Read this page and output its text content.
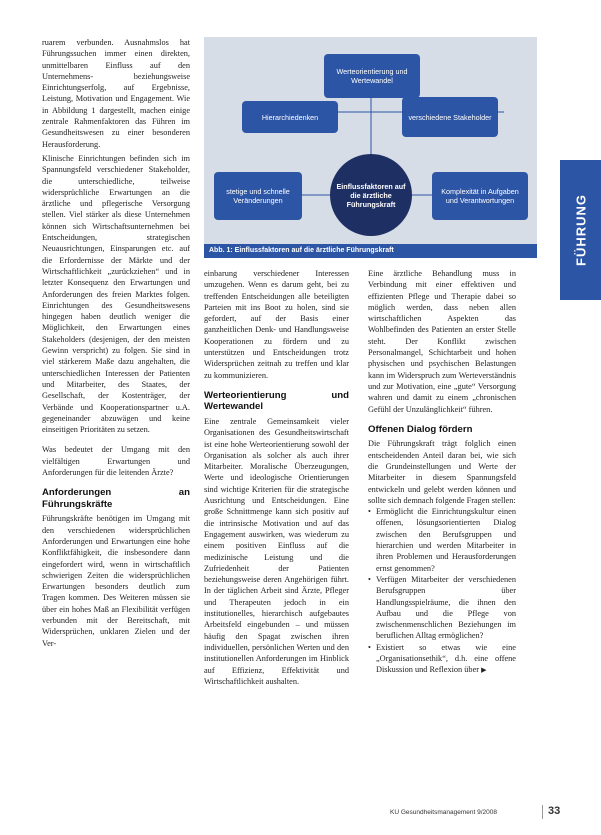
ruarem verbunden. Ausnahmslos hat Führungssuchen immer einen direkten, unmittelbaren Einfluss auf den Unternehmens- beziehungsweise Einrichtungserfolg, auf Ergebnisse, Leistung, Motivation und Engagement. Wie in Abbildung 1 dargestellt, machen einige zentrale Rahmenfaktoren das Führen im Gesundheitswesen zu einer besonderen Herausforderung.

Klinische Einrichtungen befinden sich im Spannungsfeld verschiedener Stakeholder, die unterschiedliche, teilweise widersprüchliche Erwartungen an die ärztliche und pflegerische Versorgung stellen. Viel stärker als diese Unternehmen können sich Wirtschaftsunternehmen bei Entscheidungen, strategischen Neuausrichtungen, Einsparungen etc. auf die Erfordernisse der Märkte und der Wirtschaftlichkeit „zurückziehen“ und in letzter Konsequenz den Erwartungen und Anforderungen des freien Marktes folgen. Einrichtungen des Gesundheitswesens hingegen haben deutlich weniger die Möglichkeit, den Erwartungen eines Stakeholders (desjenigen, der den meisten Gewinn verspricht) zu folgen. Sie sind in viel stärkerem Maße dazu angehalten, die unterschiedlichen Interessen der Patienten und Mitarbeiter, des Staates, der Gesellschaft, der Kostenträger, der Verbände und Kooperationspartner u.A. gegeneinander abzuwägen und keine einseitigen Prioritäten zu setzen.

Was bedeutet der Umgang mit den vielfältigen Erwartungen und Anforderungen für die leitenden Ärzte?

Anforderungen an Führungskräfte

Führungskräfte benötigen im Umgang mit den verschiedenen widersprüchlichen Anforderungen und Erwartungen eine hohe Konfliktfähigkeit, die insbesondere dann eingefordert wird, wenn in wirtschaftlich schwierigen Zeiten die widersprüchlichen Erwartungen besonders deutlich zum Tragen kommen. Des Weiteren müssen sie über ein hohes Maß an Flexibilität verfügen verbunden mit der Bereitschaft, mit Widersprüchen, unklaren Zielen und der Ver-

Werteorientierung und Wertewandel
Hierarchiedenken	verschiedene Stakeholder
stetige und schnelle Veränderungen
Komplexität in Aufgaben und Verantwortungen
Einflussfaktoren auf die ärztliche Führungskraft
Abb. 1: Einflussfaktoren auf die ärztliche Führungskraft

einbarung verschiedener Interessen umzugehen. Wenn es darum geht, bei zu treffenden Entscheidungen alle beteiligten Parteien mit ins Boot zu holen, sind sie gefordert, auf der Basis einer ganzheitlichen Denk- und Handlungsweise Kooperationen zu fördern und zu unterstützen und Entscheidungen trotz Widersprüchen zeitnah zu treffen und klar zu kommunizieren.

Werteorientierung und Wertewandel

Eine zentrale Gemeinsamkeit vieler Organisationen des Gesundheitswirtschaft ist eine hohe Werteorientierung sowohl der Organisation als solcher als auch ihrer Mitarbeiter. Moralische Überzeugungen, Werte und ideologische Orientierungen sind wichtige Kriterien für die strategische Ausrichtung und Entscheidungen. Eine große Schnittmenge kann sich positiv auf die intrinsische Motivation und auf das Engagement auswirken, was wiederum zu einem positiven Einfluss auf die medizinische Leistung und die Zufriedenheit der Patienten beziehungsweise deren Angehörigen führt. In der täglichen Arbeit sind Ärzte, Pfleger und Therapeuten jedoch in ein institutionelles, hierarchisch aufgebautes Arbeitsfeld eingebunden – und müssen häufig den Spagat zwischen ihren individuellen, persönlichen Werten und den institutionellen Anforderungen im Hinblick auf Effizienz, Effektivität und Wirtschaftlichkeit aushalten.

Eine ärztliche Behandlung muss in Verbindung mit einer effektiven und effizienten Pflege und Therapie dabei so möglich werden, dass neben allen wirtschaftlichen Aspekten das Wohlbefinden des Patienten an erster Stelle steht. Der Konflikt zwischen Personalmangel, Schichtarbeit und hohen physischen und psychischen Belastungen kann im Widerspruch zum Werteverständnis und zur Motivation, eine „gute“ Versorgung wahren und damit zu einem „chronischen Gefühl der Unzulänglichkeit“ führen.

Offenen Dialog fördern

Die Führungskraft trägt folglich einen entscheidenden Anteil daran bei, wie sich die Grundeinstellungen und Werte der Mitarbeiter in diesem Spannungsfeld entwickeln und gelebt werden können und sollte sich demnach folgende Fragen stellen:

• Ermöglicht die Einrichtungskultur einen offenen, lösungsorientierten Dialog zwischen den Berufsgruppen und hierarchien und werden Mitarbeiter in ihren Problemen und Herausforderungen ernst genommen?
• Verfügen Mitarbeiter der verschiedenen Berufsgruppen über Handlungsspielräume, die ihnen den Aufbau und die Pflege von zwischenmenschlichen Beziehungen im beruflichen Alltag ermöglichen?
• Existiert so etwas wie eine „Organisationsethik“, d.h. eine offene Diskussion und Reflexion über ▶
FÜHRUNG
KU Gesundheitsmanagement 9/2008	33
